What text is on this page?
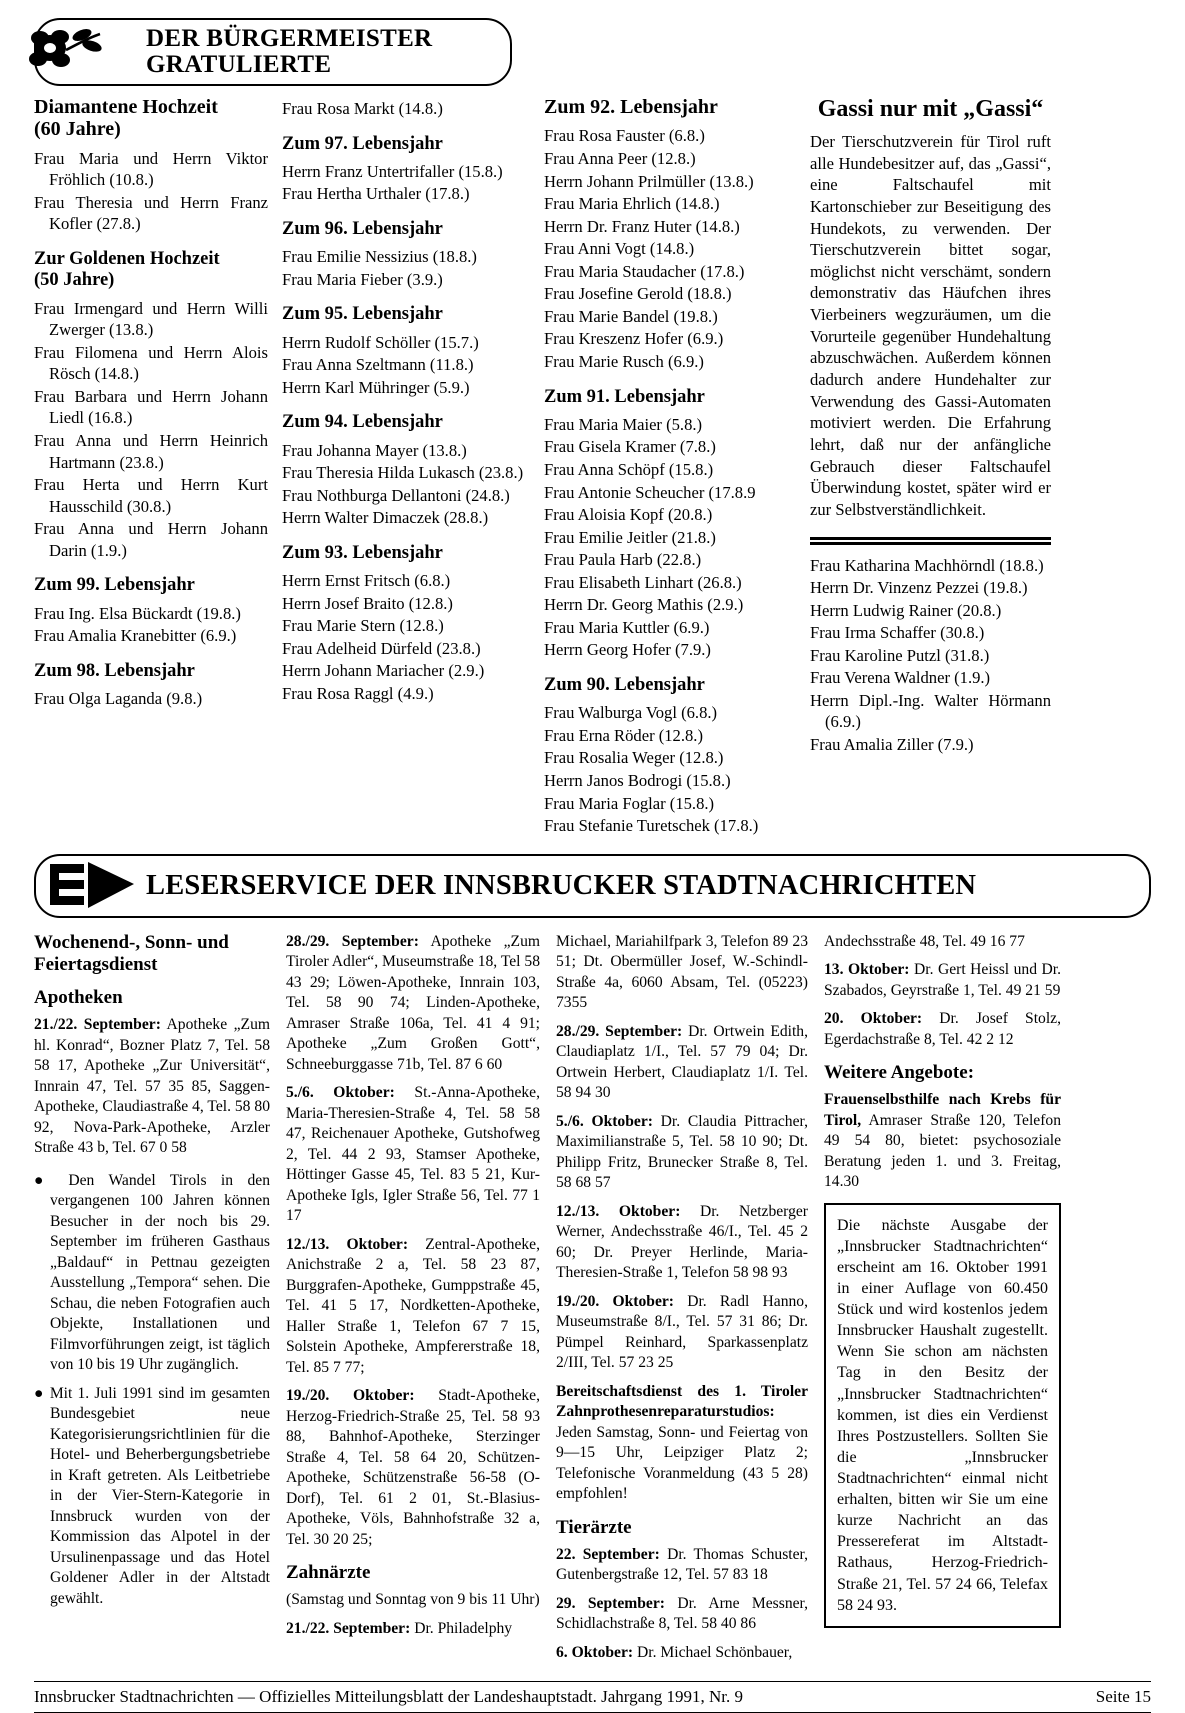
DER BÜRGERMEISTER
GRATULIERTE
Diamantene Hochzeit
(60 Jahre)

Frau Maria und Herrn Viktor Fröhlich (10.8.)

Frau Theresia und Herrn Franz Kofler (27.8.)

Zur Goldenen Hochzeit
(50 Jahre)

Frau Irmengard und Herrn Willi Zwerger (13.8.)

Frau Filomena und Herrn Alois Rösch (14.8.)

Frau Barbara und Herrn Johann Liedl (16.8.)

Frau Anna und Herrn Heinrich Hartmann (23.8.)

Frau Herta und Herrn Kurt Hausschild (30.8.)

Frau Anna und Herrn Johann Darin (1.9.)

Zum 99. Lebensjahr

Frau Ing. Elsa Bückardt (19.8.)

Frau Amalia Kranebitter (6.9.)

Zum 98. Lebensjahr

Frau Olga Laganda (9.8.)

Frau Rosa Markt (14.8.)

Zum 97. Lebensjahr

Herrn Franz Untertrifaller (15.8.)

Frau Hertha Urthaler (17.8.)

Zum 96. Lebensjahr

Frau Emilie Nessizius (18.8.)

Frau Maria Fieber (3.9.)

Zum 95. Lebensjahr

Herrn Rudolf Schöller (15.7.)

Frau Anna Szeltmann (11.8.)

Herrn Karl Mühringer (5.9.)

Zum 94. Lebensjahr

Frau Johanna Mayer (13.8.)

Frau Theresia Hilda Lukasch (23.8.)

Frau Nothburga Dellantoni (24.8.)

Herrn Walter Dimaczek (28.8.)

Zum 93. Lebensjahr

Herrn Ernst Fritsch (6.8.)

Herrn Josef Braito (12.8.)

Frau Marie Stern (12.8.)

Frau Adelheid Dürfeld (23.8.)

Herrn Johann Mariacher (2.9.)

Frau Rosa Raggl (4.9.)

Zum 92. Lebensjahr

Frau Rosa Fauster (6.8.)

Frau Anna Peer (12.8.)

Herrn Johann Prilmüller (13.8.)

Frau Maria Ehrlich (14.8.)

Herrn Dr. Franz Huter (14.8.)

Frau Anni Vogt (14.8.)

Frau Maria Staudacher (17.8.)

Frau Josefine Gerold (18.8.)

Frau Marie Bandel (19.8.)

Frau Kreszenz Hofer (6.9.)

Frau Marie Rusch (6.9.)

Zum 91. Lebensjahr

Frau Maria Maier (5.8.)

Frau Gisela Kramer (7.8.)

Frau Anna Schöpf (15.8.)

Frau Antonie Scheucher (17.8.9

Frau Aloisia Kopf (20.8.)

Frau Emilie Jeitler (21.8.)

Frau Paula Harb (22.8.)

Frau Elisabeth Linhart (26.8.)

Herrn Dr. Georg Mathis (2.9.)

Frau Maria Kuttler (6.9.)

Herrn Georg Hofer (7.9.)

Zum 90. Lebensjahr

Frau Walburga Vogl (6.8.)

Frau Erna Röder (12.8.)

Frau Rosalia Weger (12.8.)

Herrn Janos Bodrogi (15.8.)

Frau Maria Foglar (15.8.)

Frau Stefanie Turetschek (17.8.)

Gassi nur mit „Gassi“
Der Tierschutzverein für Tirol ruft alle Hundebesitzer auf, das „Gassi“, eine Faltschaufel mit Kartonschieber zur Beseitigung des Hundekots, zu verwenden. Der Tierschutzverein bittet sogar, möglichst nicht verschämt, sondern demonstrativ das Häufchen ihres Vierbeiners wegzuräumen, um die Vorurteile gegenüber Hundehaltung abzuschwächen. Außerdem können dadurch andere Hundehalter zur Verwendung des Gassi-Automaten motiviert werden. Die Erfahrung lehrt, daß nur der anfängliche Gebrauch dieser Faltschaufel Überwindung kostet, später wird er zur Selbstverständlichkeit.

Frau Katharina Machhörndl (18.8.)

Herrn Dr. Vinzenz Pezzei (19.8.)

Herrn Ludwig Rainer (20.8.)

Frau Irma Schaffer (30.8.)

Frau Karoline Putzl (31.8.)

Frau Verena Waldner (1.9.)

Herrn Dipl.-Ing. Walter Hörmann (6.9.)

Frau Amalia Ziller (7.9.)

LESERSERVICE DER INNSBRUCKER STADTNACHRICHTEN
Wochenend-, Sonn- und
Feiertagsdienst
Apotheken
21./22. September: Apotheke „Zum hl. Konrad“, Bozner Platz 7, Tel. 58 58 17, Apotheke „Zur Universität“, Innrain 47, Tel. 57 35 85, Saggen-Apotheke, Claudiastraße 4, Tel. 58 80 92, Nova-Park-Apotheke, Arzler Straße 43 b, Tel. 67 0 58
● Den Wandel Tirols in den vergangenen 100 Jahren können Besucher in der noch bis 29. September im früheren Gasthaus „Baldauf“ in Pettnau gezeigten Ausstellung „Tempora“ sehen. Die Schau, die neben Fotografien auch Objekte, Installationen und Filmvorführungen zeigt, ist täglich von 10 bis 19 Uhr zugänglich.
● Mit 1. Juli 1991 sind im gesamten Bundesgebiet neue Kategorisierungsrichtlinien für die Hotel- und Beherbergungsbetriebe in Kraft getreten. Als Leitbetriebe in der Vier-Stern-Kategorie in Innsbruck wurden von der Kommission das Alpotel in der Ursulinenpassage und das Hotel Goldener Adler in der Altstadt gewählt.
28./29. September: Apotheke „Zum Tiroler Adler“, Museumstraße 18, Tel 58 43 29; Löwen-Apotheke, Innrain 103, Tel. 58 90 74; Linden-Apotheke, Amraser Straße 106a, Tel. 41 4 91; Apotheke „Zum Großen Gott“, Schneeburggasse 71b, Tel. 87 6 60
5./6. Oktober: St.-Anna-Apotheke, Maria-Theresien-Straße 4, Tel. 58 58 47, Reichenauer Apotheke, Gutshofweg 2, Tel. 44 2 93, Stamser Apotheke, Höttinger Gasse 45, Tel. 83 5 21, Kur-Apotheke Igls, Igler Straße 56, Tel. 77 1 17
12./13. Oktober: Zentral-Apotheke, Anichstraße 2 a, Tel. 58 23 87, Burggrafen-Apotheke, Gumppstraße 45, Tel. 41 5 17, Nordketten-Apotheke, Haller Straße 1, Telefon 67 7 15, Solstein Apotheke, Ampfererstraße 18, Tel. 85 7 77;
19./20. Oktober: Stadt-Apotheke, Herzog-Friedrich-Straße 25, Tel. 58 93 88, Bahnhof-Apotheke, Sterzinger Straße 4, Tel. 58 64 20, Schützen-Apotheke, Schützenstraße 56-58 (O-Dorf), Tel. 61 2 01, St.-Blasius-Apotheke, Völs, Bahnhofstraße 32 a, Tel. 30 20 25;
Zahnärzte
(Samstag und Sonntag von 9 bis 11 Uhr)
21./22. September: Dr. Philadelphy
Michael, Mariahilfpark 3, Telefon 89 23 51; Dt. Obermüller Josef, W.-Schindl-Straße 4a, 6060 Absam, Tel. (05223) 7355
28./29. September: Dr. Ortwein Edith, Claudiaplatz 1/I., Tel. 57 79 04; Dr. Ortwein Herbert, Claudiaplatz 1/I. Tel. 58 94 30
5./6. Oktober: Dr. Claudia Pittracher, Maximilianstraße 5, Tel. 58 10 90; Dt. Philipp Fritz, Brunecker Straße 8, Tel. 58 68 57
12./13. Oktober: Dr. Netzberger Werner, Andechsstraße 46/I., Tel. 45 2 60; Dr. Preyer Herlinde, Maria-Theresien-Straße 1, Telefon 58 98 93
19./20. Oktober: Dr. Radl Hanno, Museumstraße 8/I., Tel. 57 31 86; Dr. Pümpel Reinhard, Sparkassenplatz 2/III, Tel. 57 23 25
Bereitschaftsdienst des 1. Tiroler Zahnprothesenreparaturstudios: Jeden Samstag, Sonn- und Feiertag von 9—15 Uhr, Leipziger Platz 2; Telefonische Voranmeldung (43 5 28) empfohlen!
Tierärzte
22. September: Dr. Thomas Schuster, Gutenbergstraße 12, Tel. 57 83 18
29. September: Dr. Arne Messner, Schidlachstraße 8, Tel. 58 40 86
6. Oktober: Dr. Michael Schönbauer,
Andechsstraße 48, Tel. 49 16 77
13. Oktober: Dr. Gert Heissl und Dr. Szabados, Geyrstraße 1, Tel. 49 21 59
20. Oktober: Dr. Josef Stolz, Egerdachstraße 8, Tel. 42 2 12
Weitere Angebote:
Frauenselbsthilfe nach Krebs für Tirol, Amraser Straße 120, Telefon 49 54 80, bietet: psychosoziale Beratung jeden 1. und 3. Freitag, 14.30
Die nächste Ausgabe der „Innsbrucker Stadtnachrichten“ erscheint am 16. Oktober 1991 in einer Auflage von 60.450 Stück und wird kostenlos jedem Innsbrucker Haushalt zugestellt. Wenn Sie schon am nächsten Tag in den Besitz der „Innsbrucker Stadtnachrichten“ kommen, ist dies ein Verdienst Ihres Postzustellers. Sollten Sie die „Innsbrucker Stadtnachrichten“ einmal nicht erhalten, bitten wir Sie um eine kurze Nachricht an das Pressereferat im Altstadt-Rathaus, Herzog-Friedrich-Straße 21, Tel. 57 24 66, Telefax 58 24 93.
Innsbrucker Stadtnachrichten — Offizielles Mitteilungsblatt der Landeshauptstadt. Jahrgang 1991, Nr. 9	Seite 15
